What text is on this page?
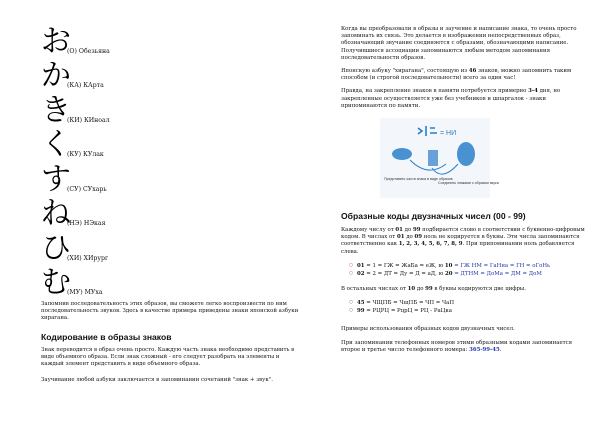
お
(О) Обезьяна
か
(КА) КАрта
き
(КИ) КИноал
く
(КУ) КУлак
す
(СУ) СУхарь
ね
(НЭ) НЭкая
ひ
(ХИ) ХИрург
む
(МУ) МУха

Запомнив последовательность этих образов, вы сможете легко воспроизвести по ним последовательность звуков. Здесь в качестве примера приведены знаки японской азбуки хирагана.

Кодирование в образы знаков

Знак переводится в образ очень просто. Каждую часть знака необходимо представить в виде объемного образа. Если знак сложный - его следует разобрать на элементы и каждый элемент представить в виде объемного образа.

Заучивание любой азбуки заключается в запоминании сочетаний "знак + звук".

Когда вы преобразовали в образы и заучение и написание знака, то очень просто запоминать их связь. Это делается в изображении непосредственных образ, обозначающий звучание соединяется с образами, обозначающими написание. Получившиеся ассоциации запоминаются любым методом запоминания последовательности образов.

Японскую азбуку "хирагана", состоящую из 46 знаков, можно запомнить таким способом (и строгой последовательности) всего за один час!

Правда, на закрепление знаков в памяти потребуется примерно 3-4 дня, но закрепленные осуществляется уже без учебников и шпаргалок - знаки припоминаются по памяти.

= НИ
Представить части знака в виде образов
Соединить знаками с образом звука
Образные коды двузначных чисел (00 - 99)

Каждому числу от 01 до 99 подбирается слово в соответствии с буквенно-цифровым кодом. В числах от 01 до 09 ноль не кодируется в буквы. Эти числа запоминаются соответственно как 1, 2, 3, 4, 5, 6, 7, 8, 9. При припоминании ноль добавляется слева.

○ 01 = 1 = ГЖ = ЖаБа = еЖ, ю 10 = ГЖ НМ = ГаНна = ГН = оГоНь
○ 02 = 2 = ДТ = Ду = Д = аД, ю 20 = ДТНМ = ДоМа = ДМ = ДоМ

В остальных числах от 10 до 99 в буквы кодируются две цифры.

○ 45 = ЧЩПБ = ЧщПБ = ЧП = ЧаП
○ 99 = РЦРЦ = РцрЦ = РЦ - РаЦка

Примеры использования образных кодов двузначных чисел.

При запоминании телефонных номеров этими образными кодами запоминается второе и третье число телефонного номера: 365-99-45.
